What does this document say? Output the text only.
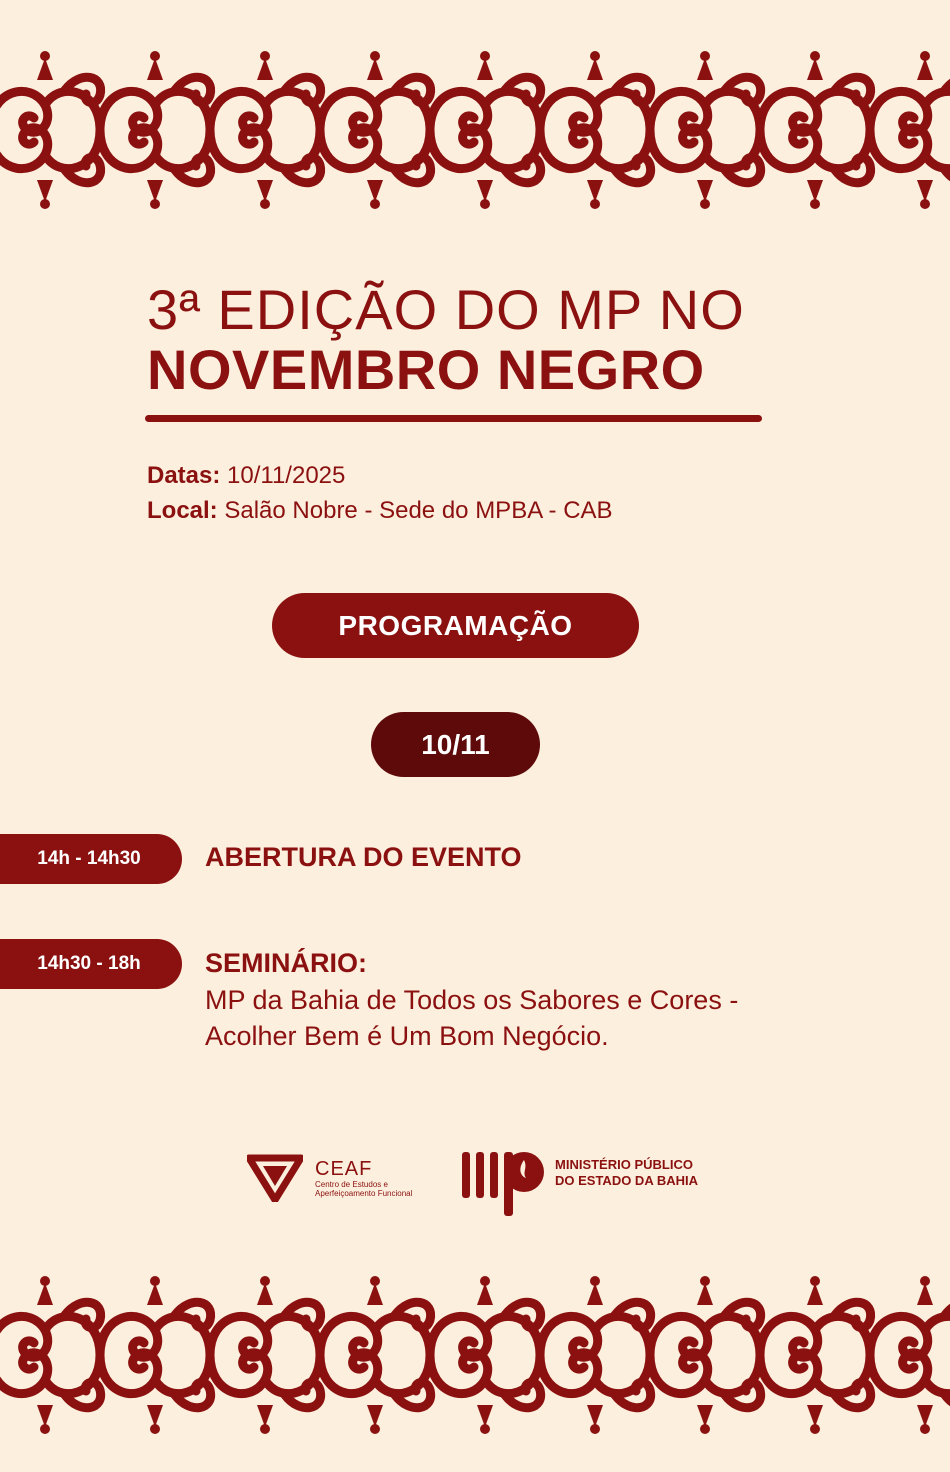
3ª EDIÇÃO DO MP NO
NOVEMBRO NEGRO
Datas: 10/11/2025
Local: Salão Nobre - Sede do MPBA - CAB
PROGRAMAÇÃO
10/11
14h - 14h30	ABERTURA DO EVENTO
14h30 - 18h	SEMINÁRIO:
MP da Bahia de Todos os Sabores e Cores -
Acolher Bem é Um Bom Negócio.
CEAF
Centro de Estudos e
Aperfeiçoamento Funcional
MINISTÉRIO PÚBLICO
DO ESTADO DA BAHIA
